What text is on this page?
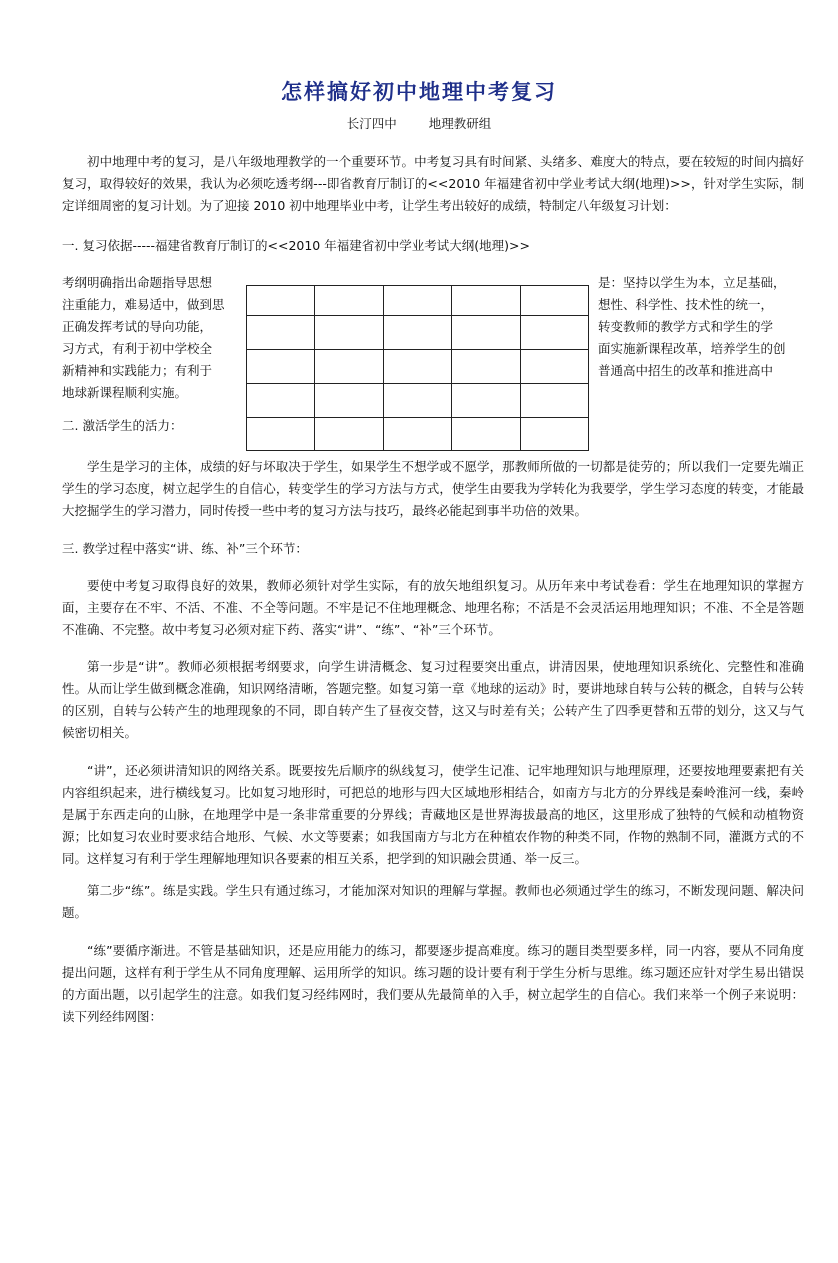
怎样搞好初中地理中考复习
长汀四中	地理教研组

初中地理中考的复习，是八年级地理教学的一个重要环节。中考复习具有时间紧、头绪多、难度大的特点，要在较短的时间内搞好复习，取得较好的效果，我认为必须吃透考纲---即省教育厅制订的<<2010 年福建省初中学业考试大纲(地理)>>，针对学生实际，制定详细周密的复习计划。为了迎接 2010 初中地理毕业中考，让学生考出较好的成绩，特制定八年级复习计划：

一. 复习依据-----福建省教育厅制订的<<2010 年福建省初中学业考试大纲(地理)>>

考纲明确指出命题指导思想
注重能力，难易适中，做到思
正确发挥考试的导向功能，
习方式，有利于初中学校全
新精神和实践能力；有利于
地球新课程顺利实施。
是：坚持以学生为本，立足基础，
想性、科学性、技术性的统一，
转变教师的教学方式和学生的学
面实施新课程改革，培养学生的创
普通高中招生的改革和推进高中

二. 激活学生的活力：

学生是学习的主体，成绩的好与坏取决于学生，如果学生不想学或不愿学，那教师所做的一切都是徒劳的；所以我们一定要先端正学生的学习态度，树立起学生的自信心，转变学生的学习方法与方式，使学生由要我为学转化为我要学，学生学习态度的转变，才能最大挖掘学生的学习潜力，同时传授一些中考的复习方法与技巧，最终必能起到事半功倍的效果。

三. 教学过程中落实“讲、练、补”三个环节：

要使中考复习取得良好的效果，教师必须针对学生实际，有的放矢地组织复习。从历年来中考试卷看：学生在地理知识的掌握方面，主要存在不牢、不活、不准、不全等问题。不牢是记不住地理概念、地理名称；不活是不会灵活运用地理知识；不准、不全是答题不准确、不完整。故中考复习必须对症下药、落实“讲”、“练”、“补”三个环节。

第一步是“讲”。教师必须根据考纲要求，向学生讲清概念、复习过程要突出重点，讲清因果，使地理知识系统化、完整性和准确性。从而让学生做到概念准确，知识网络清晰，答题完整。如复习第一章《地球的运动》时，要讲地球自转与公转的概念，自转与公转的区别，自转与公转产生的地理现象的不同，即自转产生了昼夜交替，这又与时差有关；公转产生了四季更替和五带的划分，这又与气候密切相关。

“讲”，还必须讲清知识的网络关系。既要按先后顺序的纵线复习，使学生记准、记牢地理知识与地理原理，还要按地理要素把有关内容组织起来，进行横线复习。比如复习地形时，可把总的地形与四大区域地形相结合，如南方与北方的分界线是秦岭淮河一线，秦岭是属于东西走向的山脉，在地理学中是一条非常重要的分界线；青藏地区是世界海拔最高的地区，这里形成了独特的气候和动植物资源；比如复习农业时要求结合地形、气候、水文等要素；如我国南方与北方在种植农作物的种类不同，作物的熟制不同，灌溉方式的不同。这样复习有利于学生理解地理知识各要素的相互关系，把学到的知识融会贯通、举一反三。

第二步“练”。练是实践。学生只有通过练习，才能加深对知识的理解与掌握。教师也必须通过学生的练习，不断发现问题、解决问题。

“练”要循序渐进。不管是基础知识，还是应用能力的练习，都要逐步提高难度。练习的题目类型要多样，同一内容，要从不同角度提出问题，这样有利于学生从不同角度理解、运用所学的知识。练习题的设计要有利于学生分析与思维。练习题还应针对学生易出错误的方面出题，以引起学生的注意。如我们复习经纬网时，我们要从先最简单的入手，树立起学生的自信心。我们来举一个例子来说明：读下列经纬网图：
